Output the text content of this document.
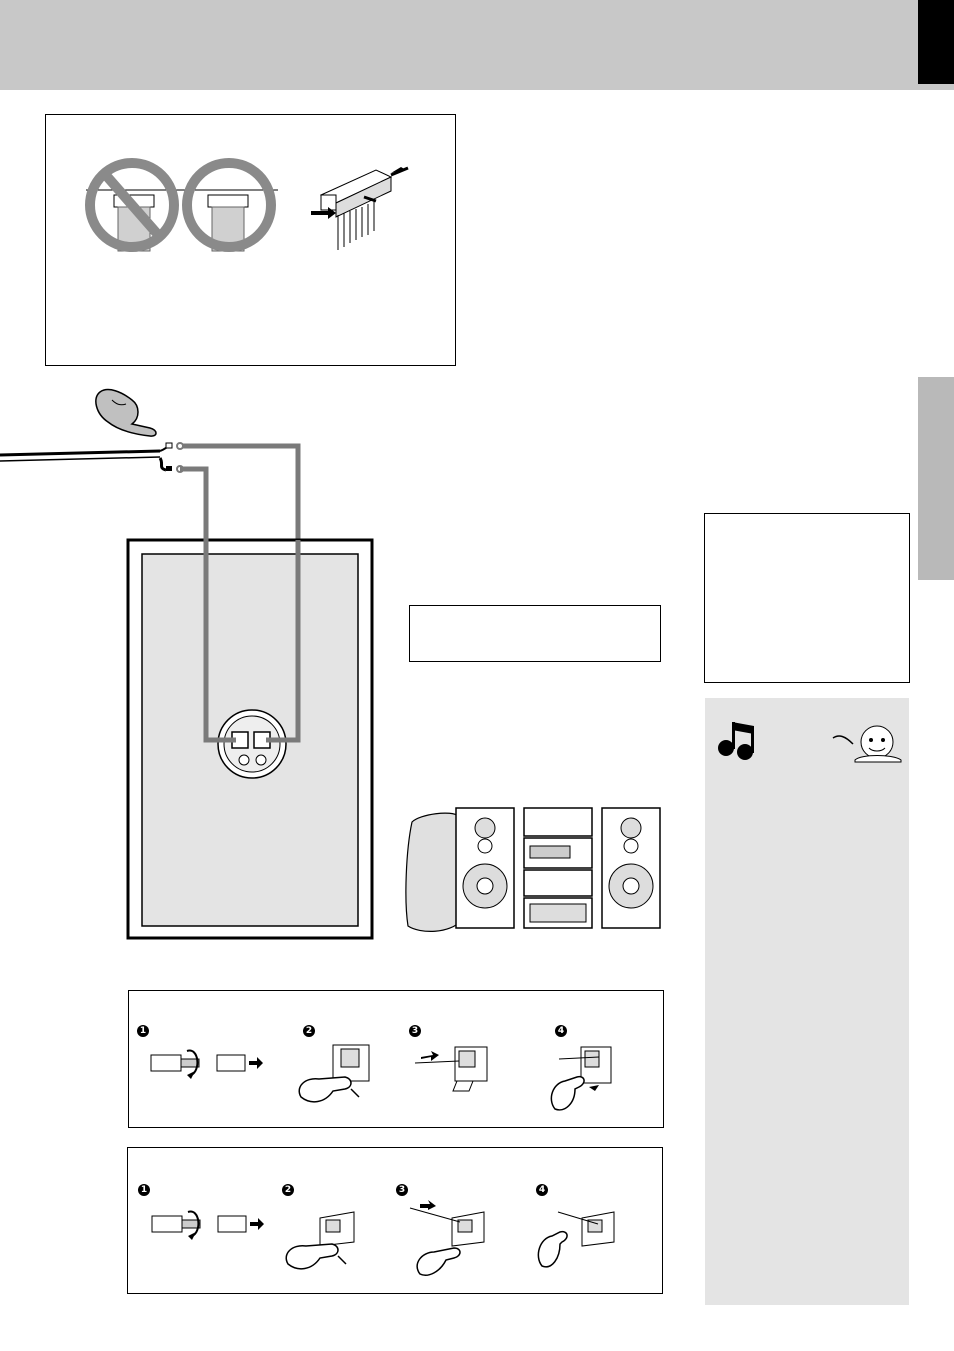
1	2	3	4
1	2	3	4
